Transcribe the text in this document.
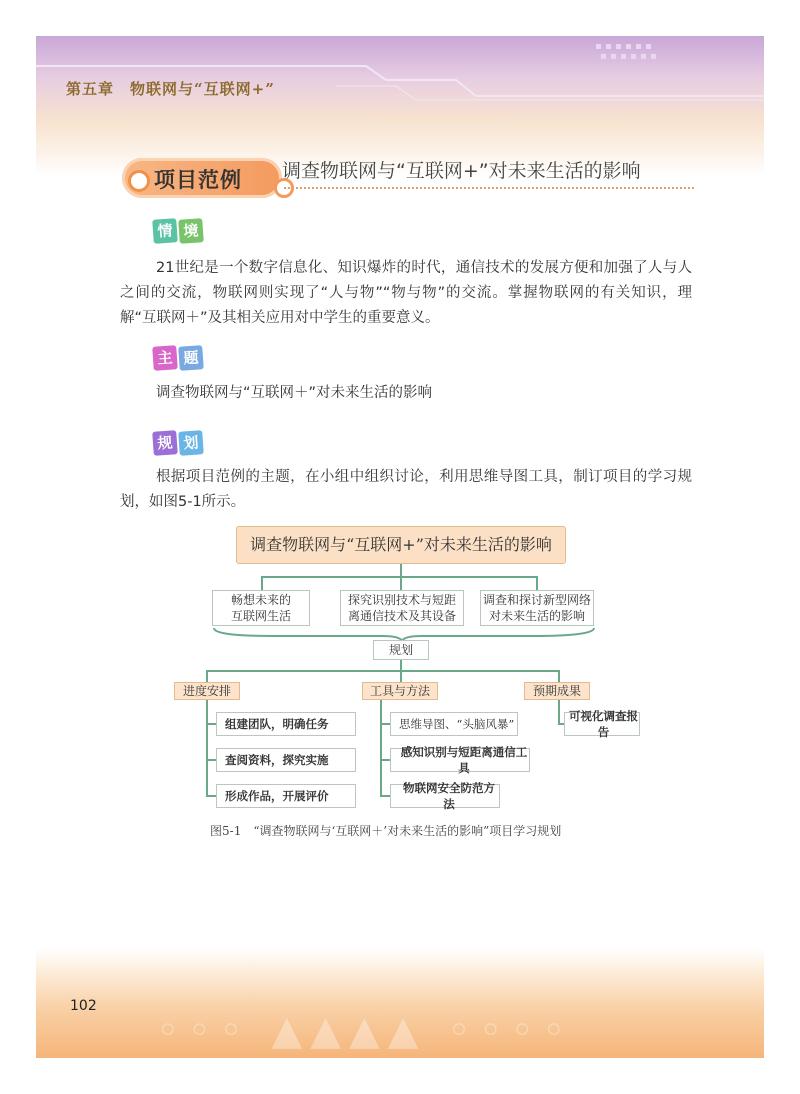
第五章　物联网与“互联网+”
项目范例 调查物联网与“互联网+”对未来生活的影响
情 境
21世纪是一个数字信息化、知识爆炸的时代，通信技术的发展方便和加强了人与人之间的交流，物联网则实现了“人与物”“物与物”的交流。掌握物联网的有关知识，理解“互联网＋”及其相关应用对中学生的重要意义。
主 题
调查物联网与“互联网＋”对未来生活的影响
规 划
根据项目范例的主题，在小组中组织讨论，利用思维导图工具，制订项目的学习规划，如图5-1所示。
调查物联网与“互联网+”对未来生活的影响
畅想未来的
互联网生活
探究识别技术与短距
离通信技术及其设备
调查和探讨新型网络
对未来生活的影响
规划
进度安排	工具与方法	预期成果
组建团队，明确任务
查阅资料，探究实施
形成作品，开展评价
思维导图、“头脑风暴”
感知识别与短距离通信工具
物联网安全防范方法
可视化调查报告
图5-1　“调查物联网与‘互联网＋’对未来生活的影响”项目学习规划
◦◦◦ ▲▲▲▲ ◦◦◦◦
102
